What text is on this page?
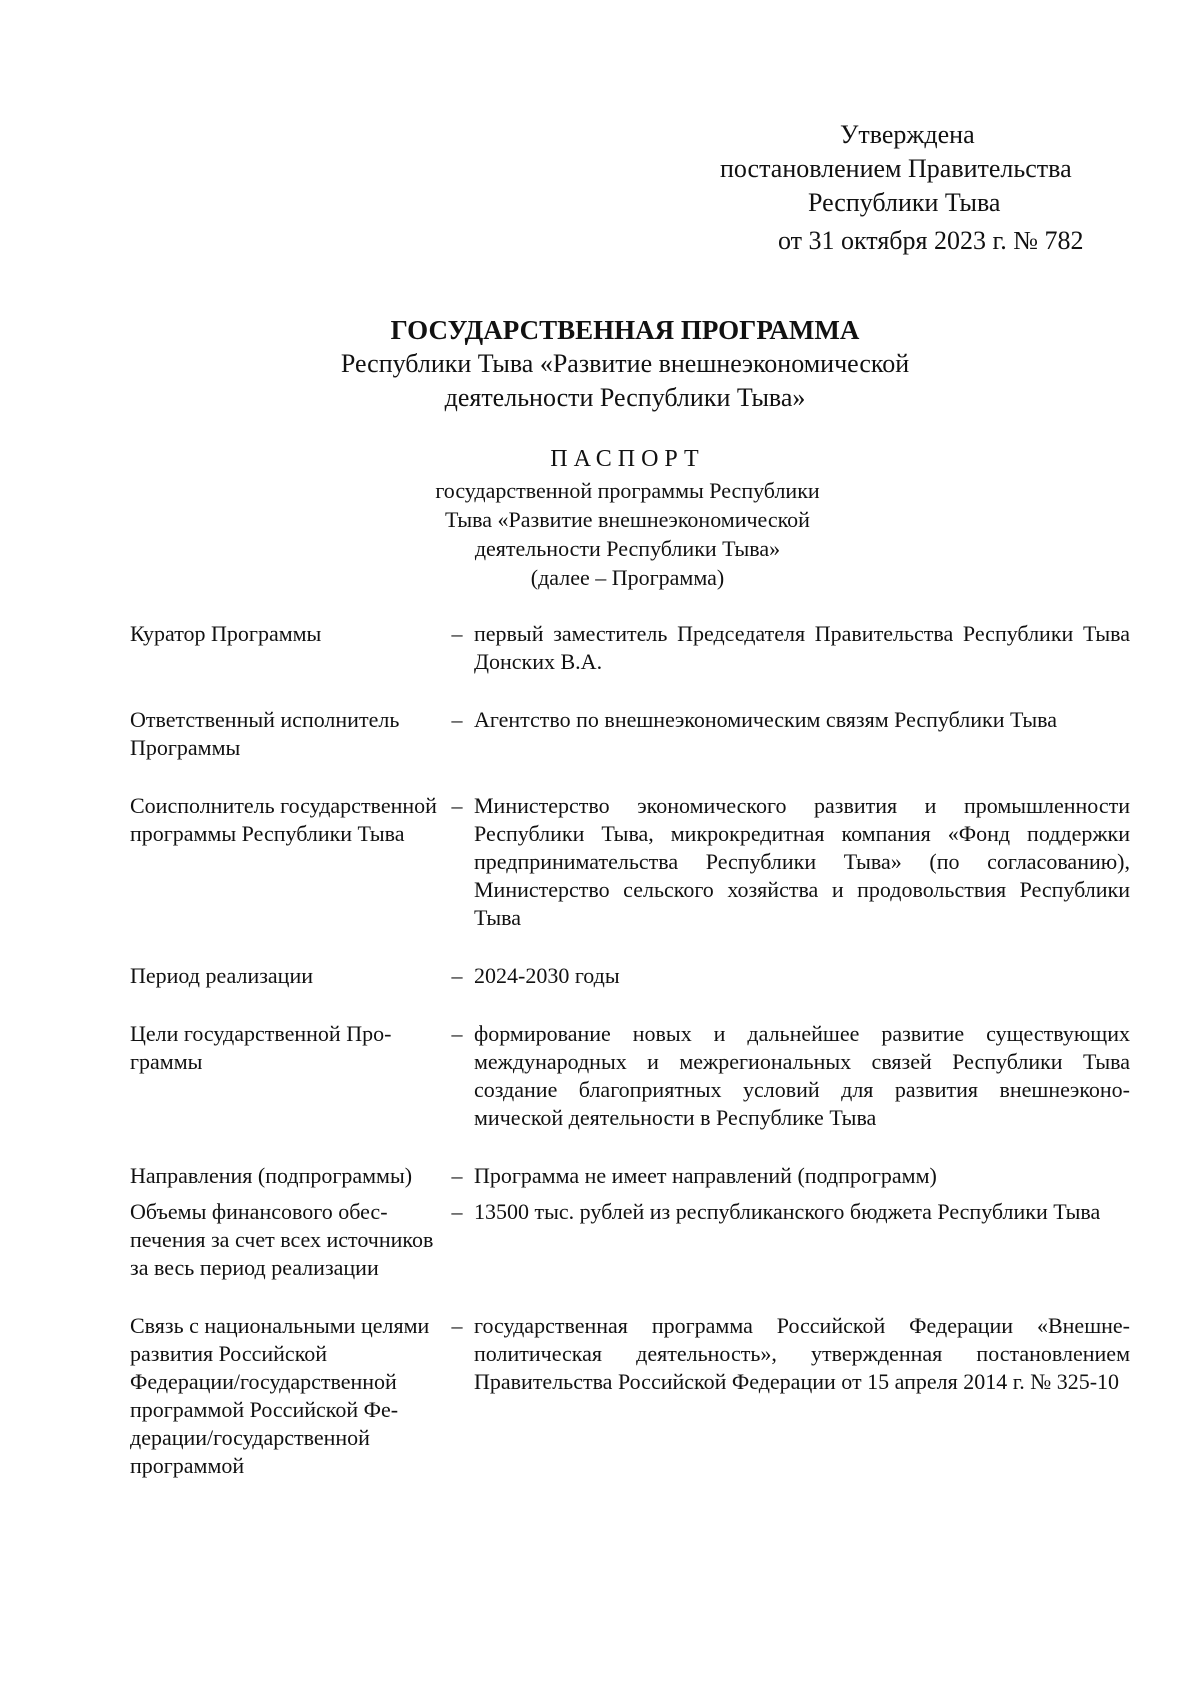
Утверждена
постановлением Правительства
Республики Тыва
от 31 октября 2023 г. № 782
ГОСУДАРСТВЕННАЯ ПРОГРАММА
Республики Тыва «Развитие внешнеэкономической
деятельности Республики Тыва»
ПАСПОРТ
государственной программы Республики
Тыва «Развитие внешнеэкономической
деятельности Республики Тыва»
(далее – Программа)
Куратор Программы	– первый заместитель Председателя Правительства Республики Тыва Донских В.А.
Ответственный исполнитель Программы
– Агентство по внешнеэкономическим связям Республики Тыва
Соисполнитель государственной программы Республики Тыва
– Министерство экономического развития и промышленности Республики Тыва, микрокредитная компания «Фонд поддержки предпринимательства Республики Тыва» (по согласованию), Министерство сельского хозяйства и продовольствия Республики Тыва
Период реализации	– 2024-2030 годы
Цели государственной Программы
– формирование новых и дальнейшее развитие существующих международных и межрегиональных связей Республики Тыва создание благоприятных условий для развития внешнеэкономической деятельности в Республике Тыва
Направления (подпрограммы)	– Программа не имеет направлений (подпрограмм)
Объемы финансового обеспечения за счет всех источников за весь период реализации
– 13500 тыс. рублей из республиканского бюджета Республики Тыва
Связь с национальными целями развития Российской Федерации/государственной программой Российской Федерации/государственной программой
– государственная программа Российской Федерации «Внешнеполитическая деятельность», утвержденная постановлением Правительства Российской Федерации от 15 апреля 2014 г. № 325-10
